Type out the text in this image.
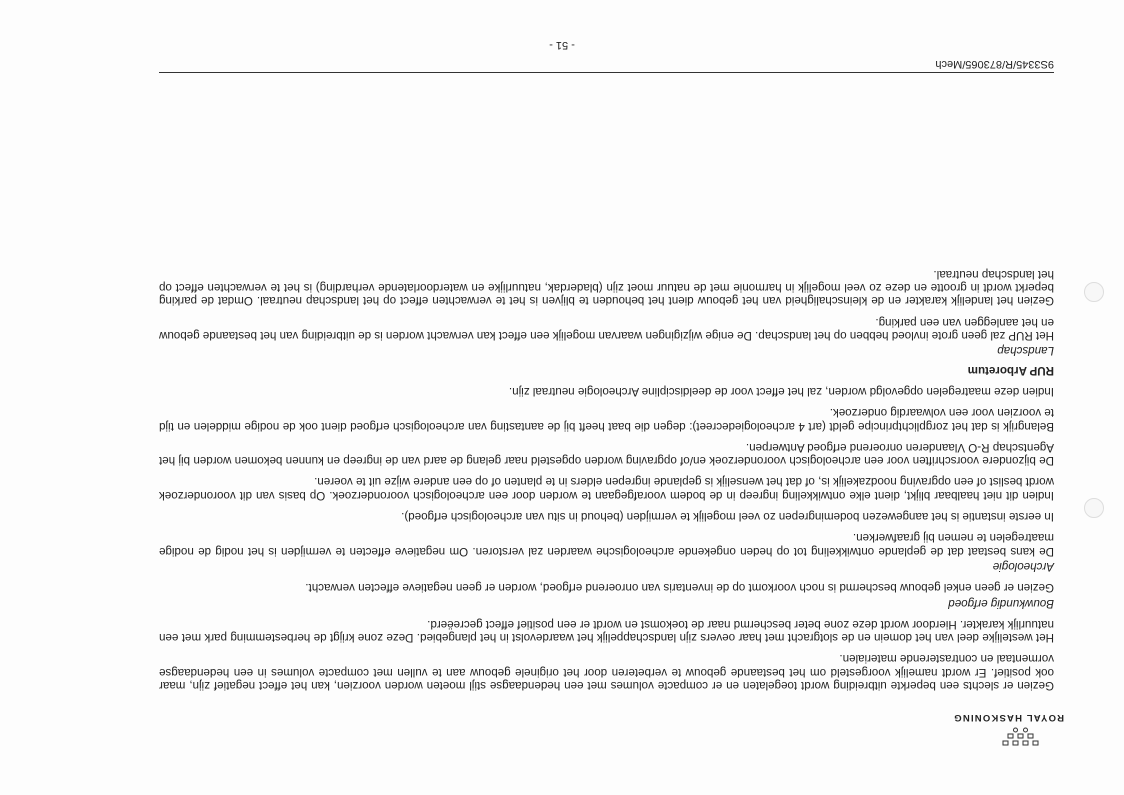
ROYAL HASKONING

Gezien er slechts een beperkte uitbreiding wordt toegelaten en er compacte volumes met een hedendaagse stijl moeten worden voorzien, kan het effect negatief zijn, maar ook positief. Er wordt namelijk voorgesteld om het bestaande gebouw te verbeteren door het originele gebouw aan te vullen met compacte volumes in een hedendaagse vormentaal en contrasterende materialen.

Het westelijke deel van het domein en de slotgracht met haar oevers zijn landschappelijk het waardevolst in het plangebied. Deze zone krijgt de herbestemming park met een natuurlijk karakter. Hierdoor wordt deze zone beter beschermd naar de toekomst en wordt er een positief effect gecreëerd.

Bouwkundig erfgoed

Gezien er geen enkel gebouw beschermd is noch voorkomt op de inventaris van onroerend erfgoed, worden er geen negatieve effecten verwacht.

Archeologie

De kans bestaat dat de geplande ontwikkeling tot op heden ongekende archeologische waarden zal verstoren. Om negatieve effecten te vermijden is het nodig de nodige maatregelen te nemen bij graafwerken.

In eerste instantie is het aangewezen bodemingrepen zo veel mogelijk te vermijden (behoud in situ van archeologisch erfgoed).

Indien dit niet haalbaar blijkt, dient elke ontwikkeling ingreep in de bodem voorafgegaan te worden door een archeologisch vooronderzoek. Op basis van dit vooronderzoek wordt beslist of een opgraving noodzakelijk is, of dat het wenselijk is geplande ingrepen elders in te planten of op een andere wijze uit te voeren.

De bijzondere voorschriften voor een archeologisch vooronderzoek en/of opgraving worden opgesteld naar gelang de aard van de ingreep en kunnen bekomen worden bij het Agentschap R-O Vlaanderen onroerend erfgoed Antwerpen.

Belangrijk is dat het zorgplichtprincipe geldt (art 4 archeologiedecreet): degen die baat heeft bij de aantasting van archeologisch erfgoed dient ook de nodige middelen en tijd te voorzien voor een volwaardig onderzoek.

Indien deze maatregelen opgevolgd worden, zal het effect voor de deeldiscipline Archeologie neutraal zijn.

RUP Arboretum
Landschap

Het RUP zal geen grote invloed hebben op het landschap. De enige wijzigingen waarvan mogelijk een effect kan verwacht worden is de uitbreiding van het bestaande gebouw en het aanleggen van een parking.

Gezien het landelijk karakter en de kleinschaligheid van het gebouw dient het behouden te blijven is het te verwachten effect op het landschap neutraal. Omdat de parking beperkt wordt in grootte en deze zo veel mogelijk in harmonie met de natuur moet zijn (bladerdak, natuurlijke en waterdoorlatende verharding) is het te verwachten effect op het landschap neutraal.

9S3345/R/873065/Mech
- 51 -
